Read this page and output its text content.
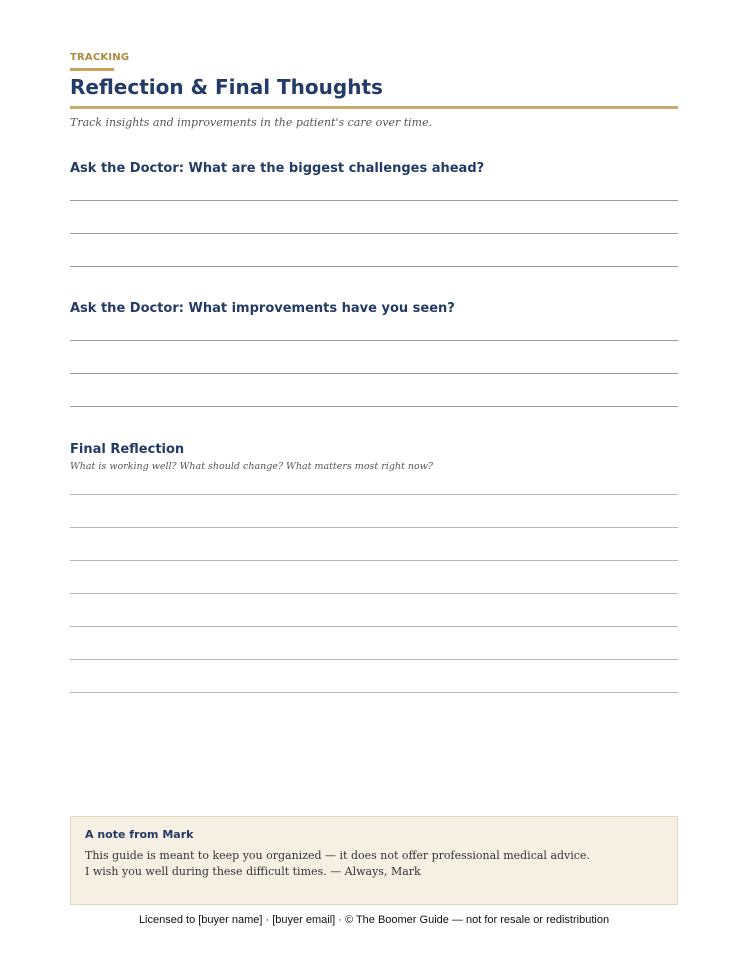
TRACKING
Reflection & Final Thoughts
Track insights and improvements in the patient's care over time.
Ask the Doctor: What are the biggest challenges ahead?
Ask the Doctor: What improvements have you seen?
Final Reflection
What is working well? What should change? What matters most right now?
A note from Mark
This guide is meant to keep you organized — it does not offer professional medical advice.
I wish you well during these difficult times. — Always, Mark
Licensed to [buyer name] · [buyer email] · © The Boomer Guide — not for resale or redistribution
